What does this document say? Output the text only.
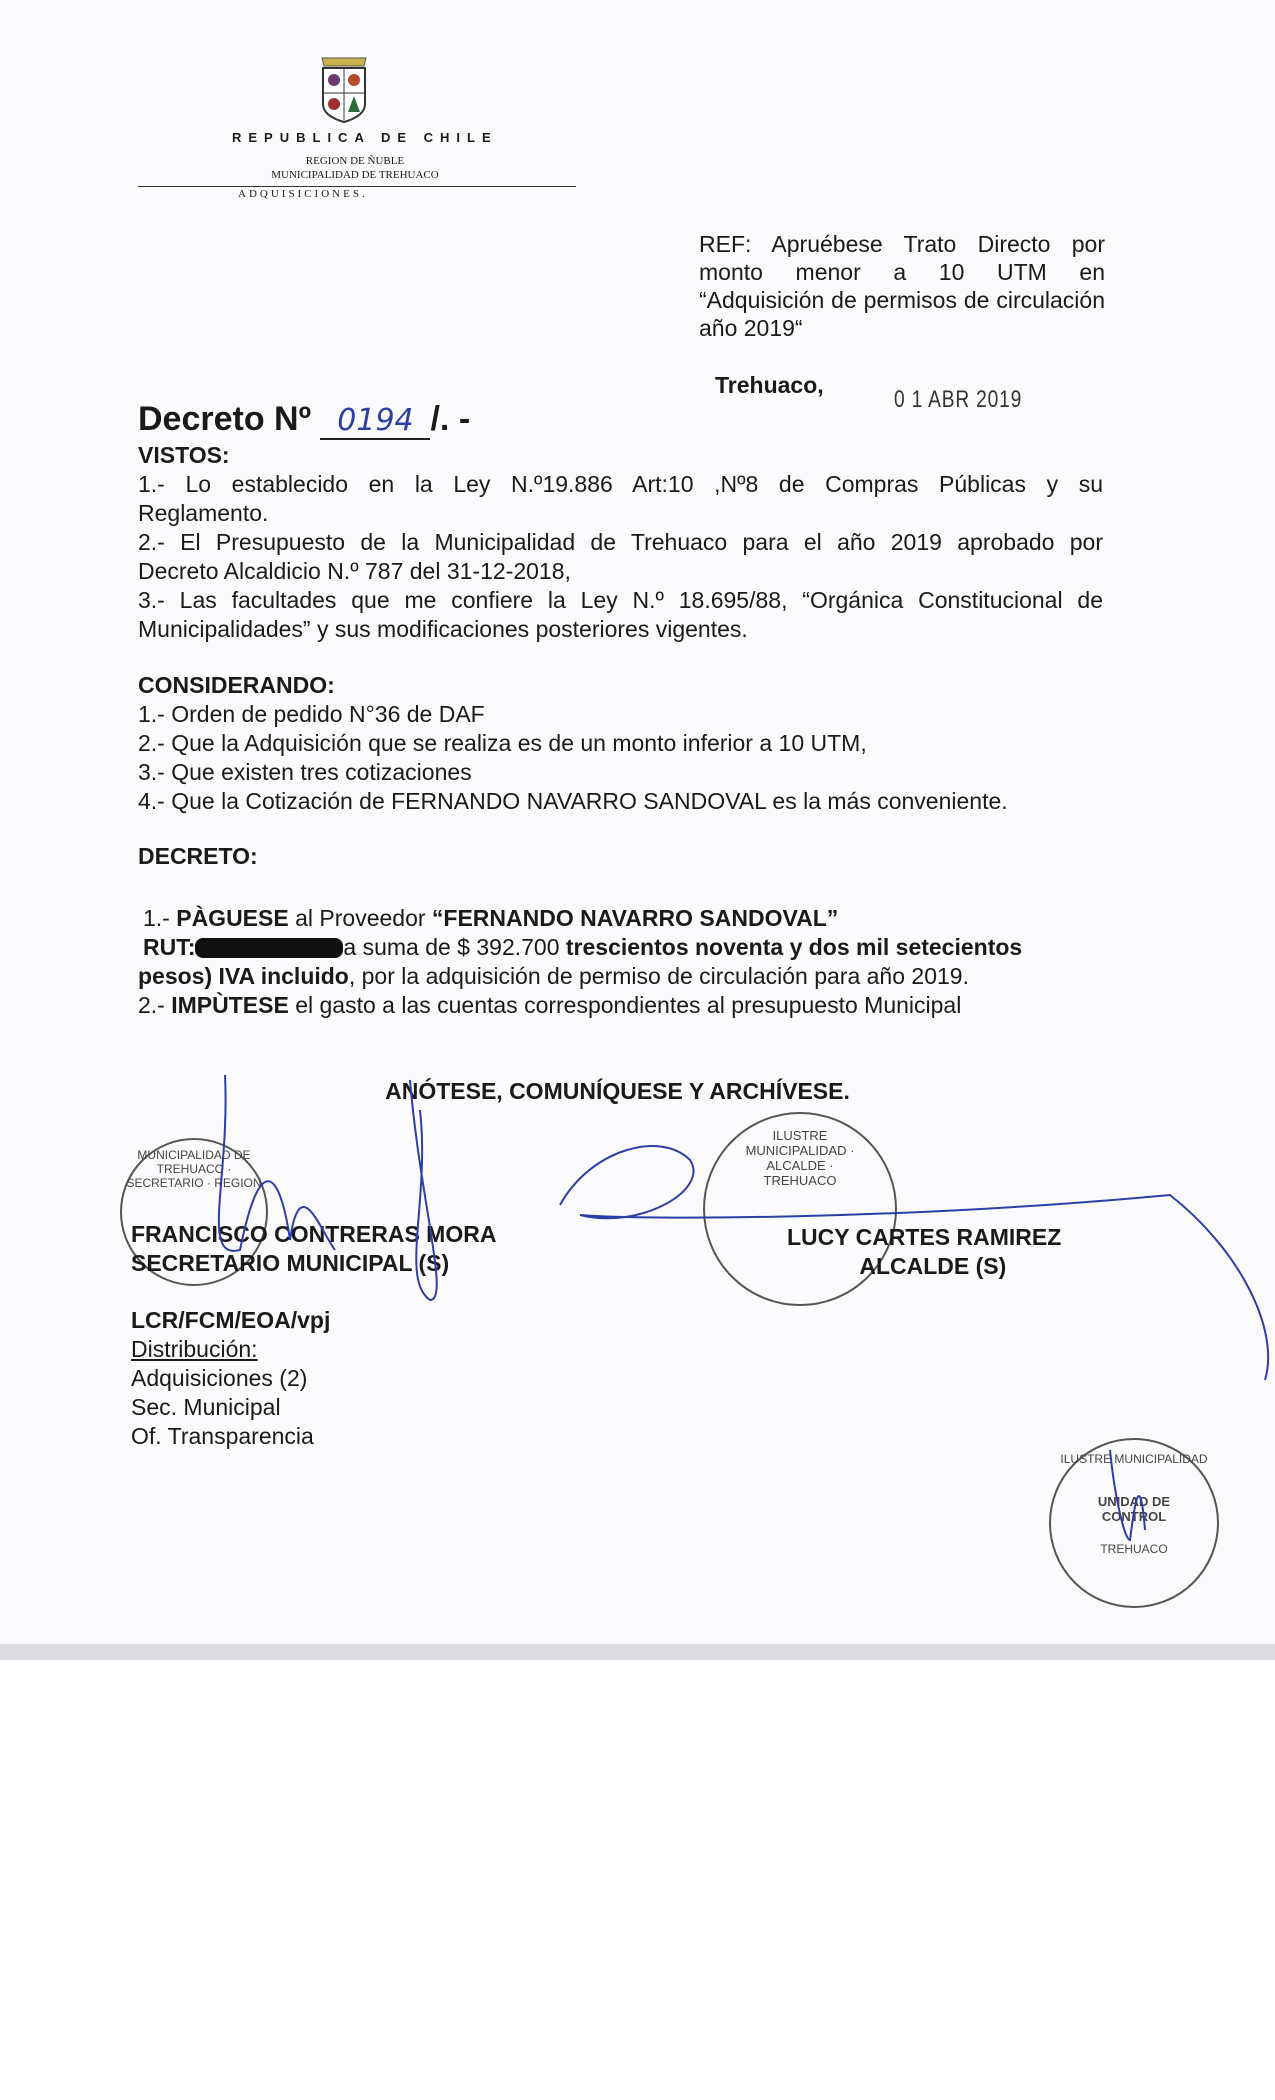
REPUBLICA DE CHILE
REGION DE ÑUBLE
MUNICIPALIDAD DE TREHUACO
ADQUISICIONES.
REF: Apruébese Trato Directo por monto menor a 10 UTM en “Adquisición de permisos de circulación año 2019“
Trehuaco,
0 1 ABR 2019
Decreto Nº 0194 /. -
VISTOS:
1.- Lo establecido en la Ley N.º19.886 Art:10 ,Nº8 de Compras Públicas y su
Reglamento.
2.- El Presupuesto de la Municipalidad de Trehuaco para el año 2019 aprobado por
Decreto Alcaldicio N.º 787 del 31-12-2018,
3.- Las facultades que me confiere la Ley N.º 18.695/88, “Orgánica Constitucional de
Municipalidades” y sus modificaciones posteriores vigentes.
CONSIDERANDO:
1.- Orden de pedido N°36 de DAF
2.- Que la Adquisición que se realiza es de un monto inferior a 10 UTM,
3.- Que existen tres cotizaciones
4.- Que la Cotización de FERNANDO NAVARRO SANDOVAL es la más conveniente.
DECRETO:
1.- PÀGUESE al Proveedor “FERNANDO NAVARRO SANDOVAL”
RUT:	a suma de $ 392.700 trescientos noventa y dos mil setecientos
pesos) IVA incluido, por la adquisición de permiso de circulación para año 2019.
2.- IMPÙTESE el gasto a las cuentas correspondientes al presupuesto Municipal
ANÓTESE, COMUNÍQUESE Y ARCHÍVESE.
MUNICIPALIDAD DE TREHUACO · SECRETARIO · REGION
ILUSTRE MUNICIPALIDAD · ALCALDE · TREHUACO
ILUSTRE MUNICIPALIDAD
UNIDAD DE CONTROL
TREHUACO
FRANCISCO CONTRERAS MORA
SECRETARIO MUNICIPAL (S)
LUCY CARTES RAMIREZ
ALCALDE (S)
LCR/FCM/EOA/vpj
Distribución:
Adquisiciones (2)
Sec. Municipal
Of. Transparencia
